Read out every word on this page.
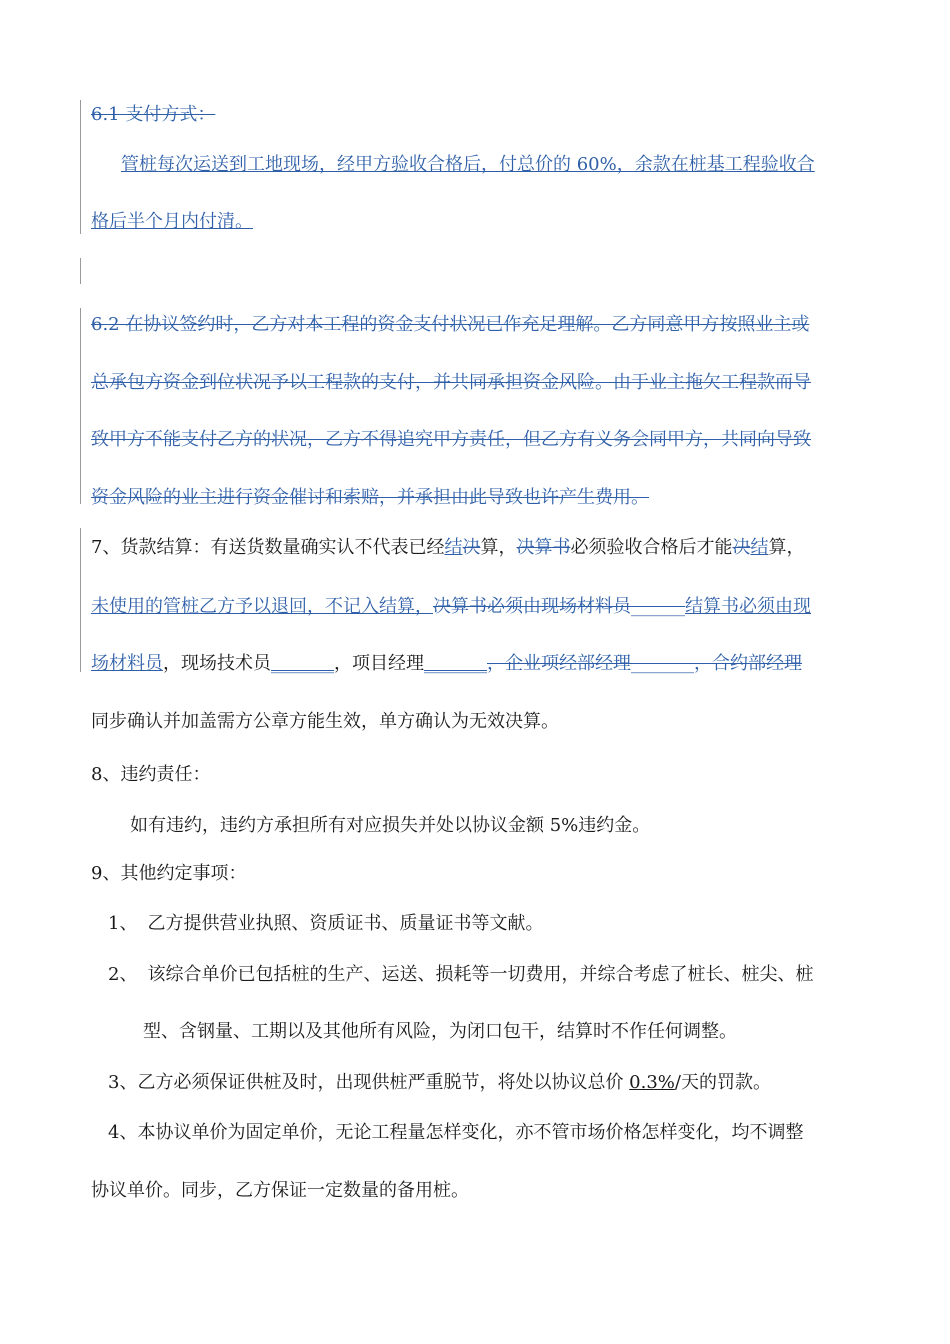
6.1 支付方式：
管桩每次运送到工地现场，经甲方验收合格后，付总价的 60%，余款在桩基工程验收合
格后半个月内付清。
6.2 在协议签约时，乙方对本工程的资金支付状况已作充足理解。乙方同意甲方按照业主或
总承包方资金到位状况予以工程款的支付，并共同承担资金风险。由于业主拖欠工程款而导
致甲方不能支付乙方的状况，乙方不得追究甲方责任，但乙方有义务会同甲方，共同向导致
资金风险的业主进行资金催讨和索赔，并承担由此导致也许产生费用。
7、货款结算：有送货数量确实认不代表已经结决算，决算书必须验收合格后才能决结算，
未使用的管桩乙方予以退回，不记入结算，决算书必须由现场材料员______结算书必须由现
场材料员，现场技术员_______，项目经理_______，企业项经部经理_______，合约部经理
同步确认并加盖需方公章方能生效，单方确认为无效决算。
8、违约责任：
如有违约，违约方承担所有对应损失并处以协议金额 5%违约金。
9、其他约定事项：
1、 乙方提供营业执照、资质证书、质量证书等文献。
2、 该综合单价已包括桩的生产、运送、损耗等一切费用，并综合考虑了桩长、桩尖、桩
型、含钢量、工期以及其他所有风险，为闭口包干，结算时不作任何调整。
3、乙方必须保证供桩及时，出现供桩严重脱节，将处以协议总价 0.3%/天的罚款。
4、本协议单价为固定单价，无论工程量怎样变化，亦不管市场价格怎样变化，均不调整
协议单价。同步，乙方保证一定数量的备用桩。
